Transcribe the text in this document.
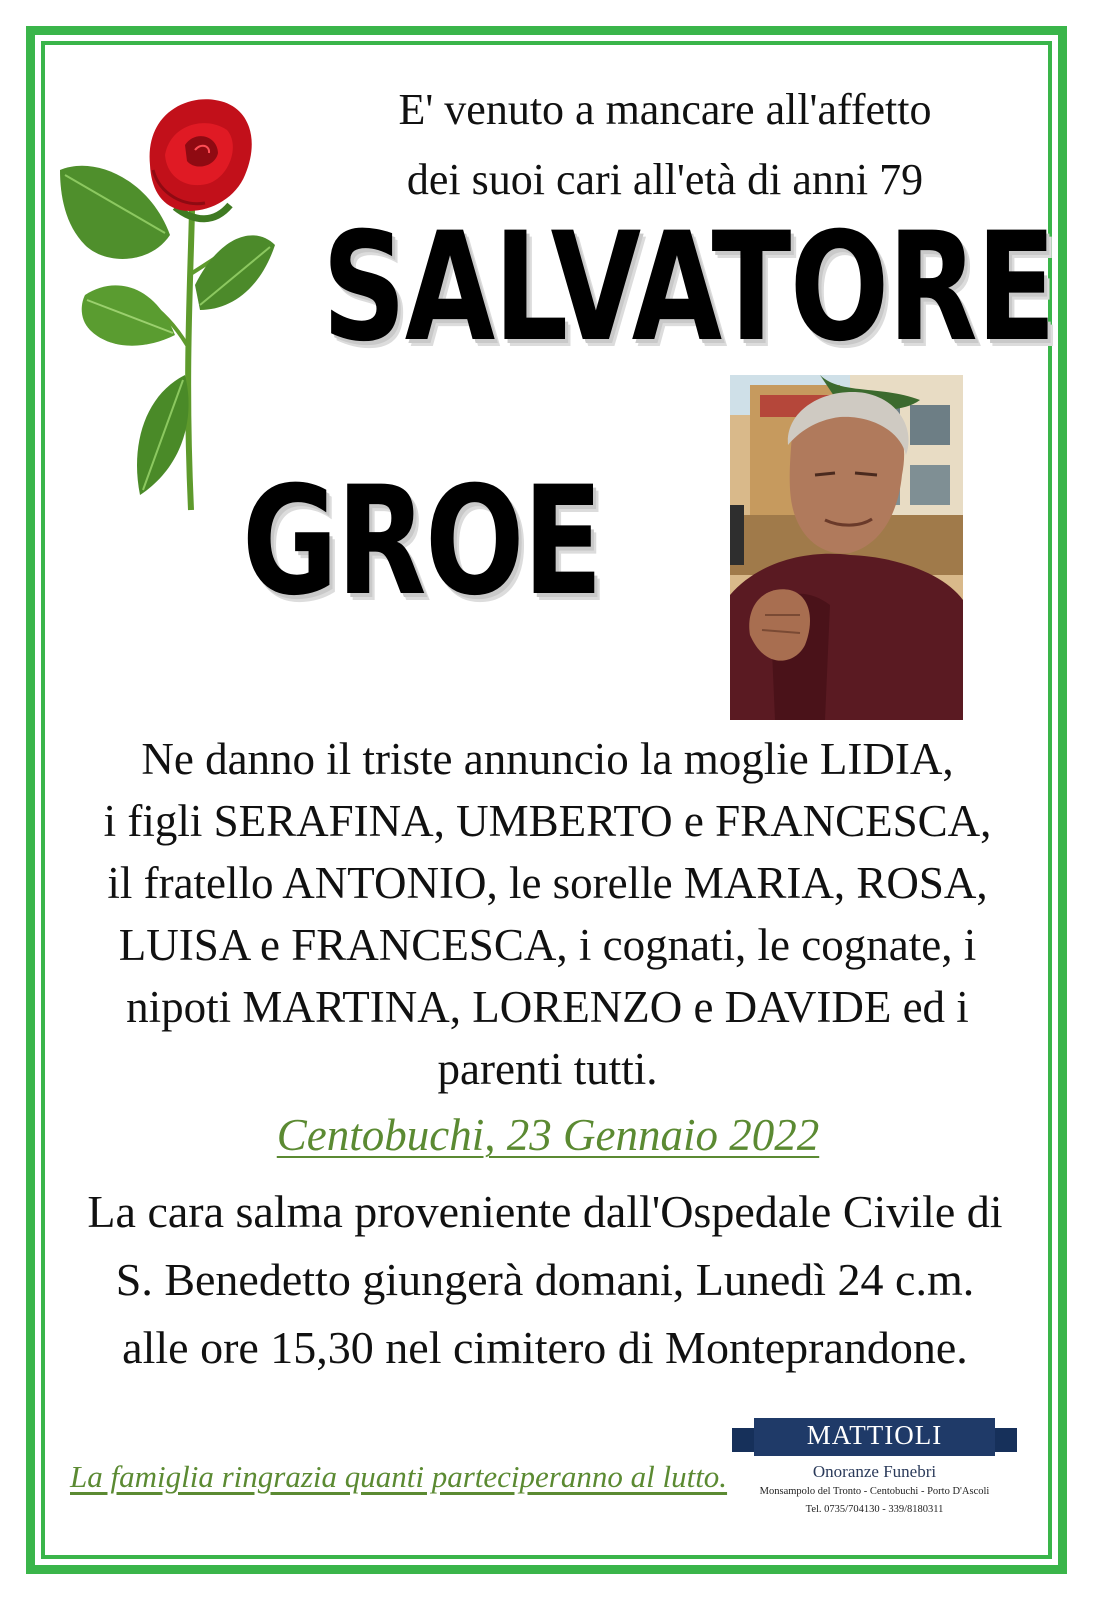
E' venuto a mancare all'affetto
dei suoi cari all'età di anni 79
SALVATORE
GROE
Ne danno il triste annuncio la moglie LIDIA,
i figli SERAFINA, UMBERTO e FRANCESCA,
il fratello ANTONIO, le sorelle MARIA, ROSA,
LUISA e FRANCESCA, i cognati, le cognate, i
nipoti MARTINA, LORENZO e DAVIDE ed i
parenti tutti.
Centobuchi, 23 Gennaio 2022
La cara salma proveniente dall'Ospedale Civile di
S. Benedetto giungerà domani, Lunedì 24 c.m.
alle ore 15,30 nel cimitero di Monteprandone.
La famiglia ringrazia quanti parteciperanno al lutto.
MATTIOLI
Onoranze Funebri
Monsampolo del Tronto - Centobuchi - Porto D'Ascoli
Tel. 0735/704130 - 339/8180311
